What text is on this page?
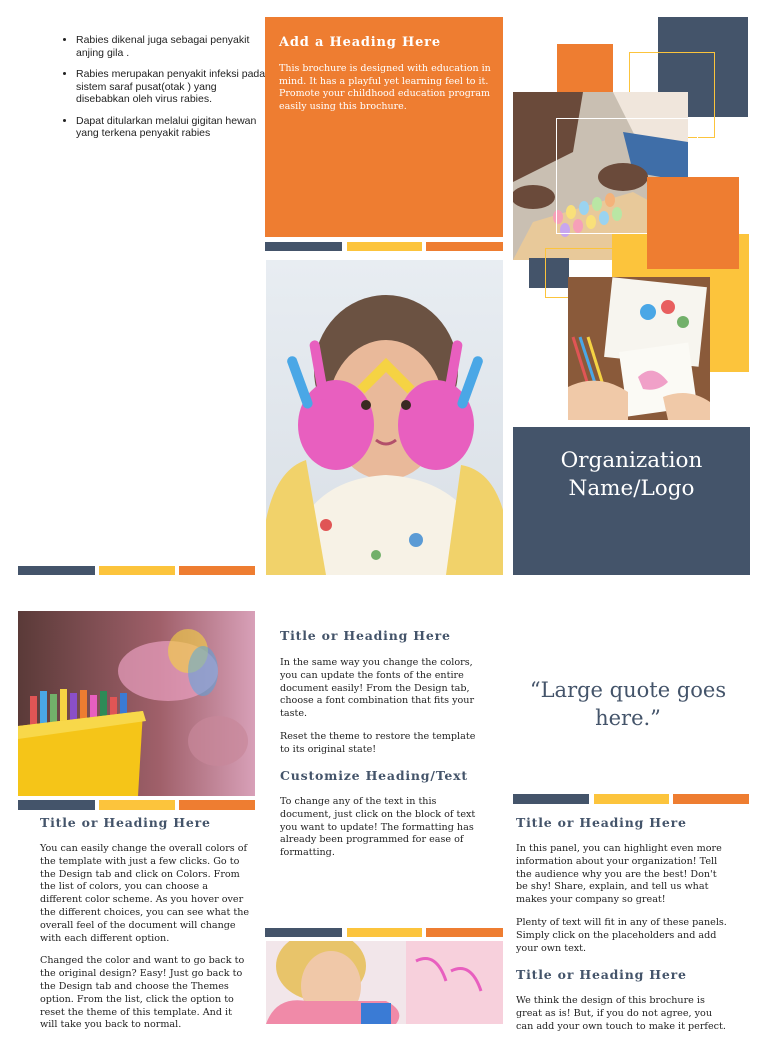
• Rabies dikenal juga sebagai penyakit anjing gila .
• Rabies merupakan penyakit infeksi pada sistem saraf pusat(otak ) yang disebabkan oleh virus rabies.
• Dapat ditularkan melalui gigitan hewan yang terkena penyakit rabies
Add a Heading Here
This brochure is designed with education in mind. It has a playful yet learning feel to it. Promote your childhood education program easily using this brochure.
Organization Name/Logo
Title or Heading Here

You can easily change the overall colors of the template with just a few clicks. Go to the Design tab and click on Colors. From the list of colors, you can choose a different color scheme. As you hover over the different choices, you can see what the overall feel of the document will change with each different option.

Changed the color and want to go back to the original design? Easy! Just go back to the Design tab and choose the Themes option. From the list, click the option to reset the theme of this template. And it will take you back to normal.

Title or Heading Here

In the same way you change the colors, you can update the fonts of the entire document easily! From the Design tab, choose a font combination that fits your taste.

Reset the theme to restore the template to its original state!

Customize Heading/Text

To change any of the text in this document, just click on the block of text you want to update! The formatting has already been programmed for ease of formatting.

“Large quote goes here.”
Title or Heading Here

In this panel, you can highlight even more information about your organization! Tell the audience why you are the best! Don't be shy! Share, explain, and tell us what makes your company so great!

Plenty of text will fit in any of these panels. Simply click on the placeholders and add your own text.

Title or Heading Here

We think the design of this brochure is great as is! But, if you do not agree, you can add your own touch to make it perfect.
